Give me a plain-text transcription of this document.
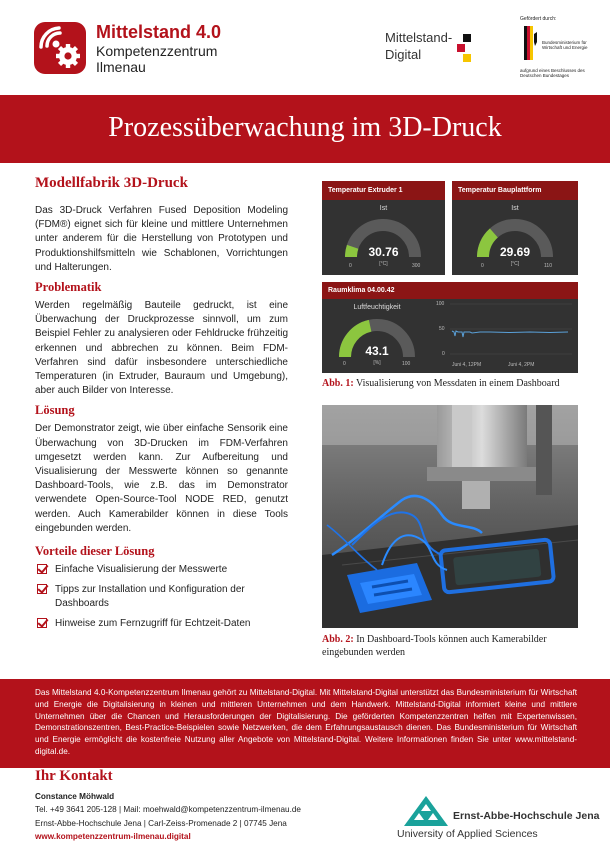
Mittelstand 4.0
Kompetenzzentrum
Ilmenau
Mittelstand-
Digital
Gefördert durch:
Bundesministerium für Wirtschaft und Energie
aufgrund eines Beschlusses des Deutschen Bundestages
Prozessüberwachung im 3D-Druck
Modellfabrik 3D-Druck

Das 3D-Druck Verfahren Fused Deposition Modeling (FDM®) eignet sich für kleine und mittlere Unternehmen unter anderem für die Herstellung von Prototypen und Produktionshilfsmitteln wie Schablonen, Vorrichtungen und Halterungen.

Problematik

Werden regelmäßig Bauteile gedruckt, ist eine Überwachung der Druckprozesse sinnvoll, um zum Beispiel Fehler zu analysieren oder Fehldrucke frühzeitig erkennen und abbrechen zu können. Beim FDM-Verfahren sind dafür insbesondere unterschiedliche Temperaturen (in Extruder, Bauraum und Umgebung), aber auch Bilder von Interesse.

Lösung

Der Demonstrator zeigt, wie über einfache Sensorik eine Überwachung von 3D-Drucken im FDM-Verfahren umgesetzt werden kann. Zur Aufbereitung und Visualisierung der Messwerte können so genannte Dashboard-Tools, wie z.B. das im Demonstrator verwendete Open-Source-Tool NODE RED, genutzt werden. Auch Kamerabilder können in diese Tools eingebunden werden.

Vorteile dieser Lösung
Einfache Visualisierung der Messwerte
Tipps zur Installation und Konfiguration der Dashboards
Hinweise zum Fernzugriff für Echtzeit-Daten
Temperatur Extruder 1
Ist
30.76
[°C]
0	300
Temperatur Bauplattform
Ist
29.69
[°C]
0	110
Raumklima 04.00.42
Luftfeuchtigkeit
43.1
[%]
0	100
100
50
0
Juni 4, 12PM	Juni 4, 2PM
Abb. 1: Visualisierung von Messdaten in einem Dashboard
Abb. 2: In Dashboard-Tools können auch Kamerabilder eingebunden werden

Das Mittelstand 4.0-Kompetenzzentrum Ilmenau gehört zu Mittelstand-Digital. Mit Mittelstand-Digital unterstützt das Bundesministerium für Wirtschaft und Energie die Digitalisierung in kleinen und mittleren Unternehmen und dem Handwerk. Mittelstand-Digital informiert kleine und mittlere Unternehmen über die Chancen und Herausforderungen der Digitalisierung. Die geförderten Kompetenzzentren helfen mit Expertenwissen, Demonstrationszentren, Best-Practice-Beispielen sowie Netzwerken, die dem Erfahrungsaustausch dienen. Das Bundesministerium für Wirtschaft und Energie ermöglicht die kostenfreie Nutzung aller Angebote von Mittelstand-Digital. Weitere Informationen finden Sie unter www.mittelstand-digital.de.

Ihr Kontakt
Constance Möhwald
Tel. +49 3641 205-128 | Mail: moehwald@kompetenzzentrum-ilmenau.de
Ernst-Abbe-Hochschule Jena | Carl-Zeiss-Promenade 2 | 07745 Jena
www.kompetenzzentrum-ilmenau.digital
Ernst-Abbe-Hochschule Jena
University of Applied Sciences
